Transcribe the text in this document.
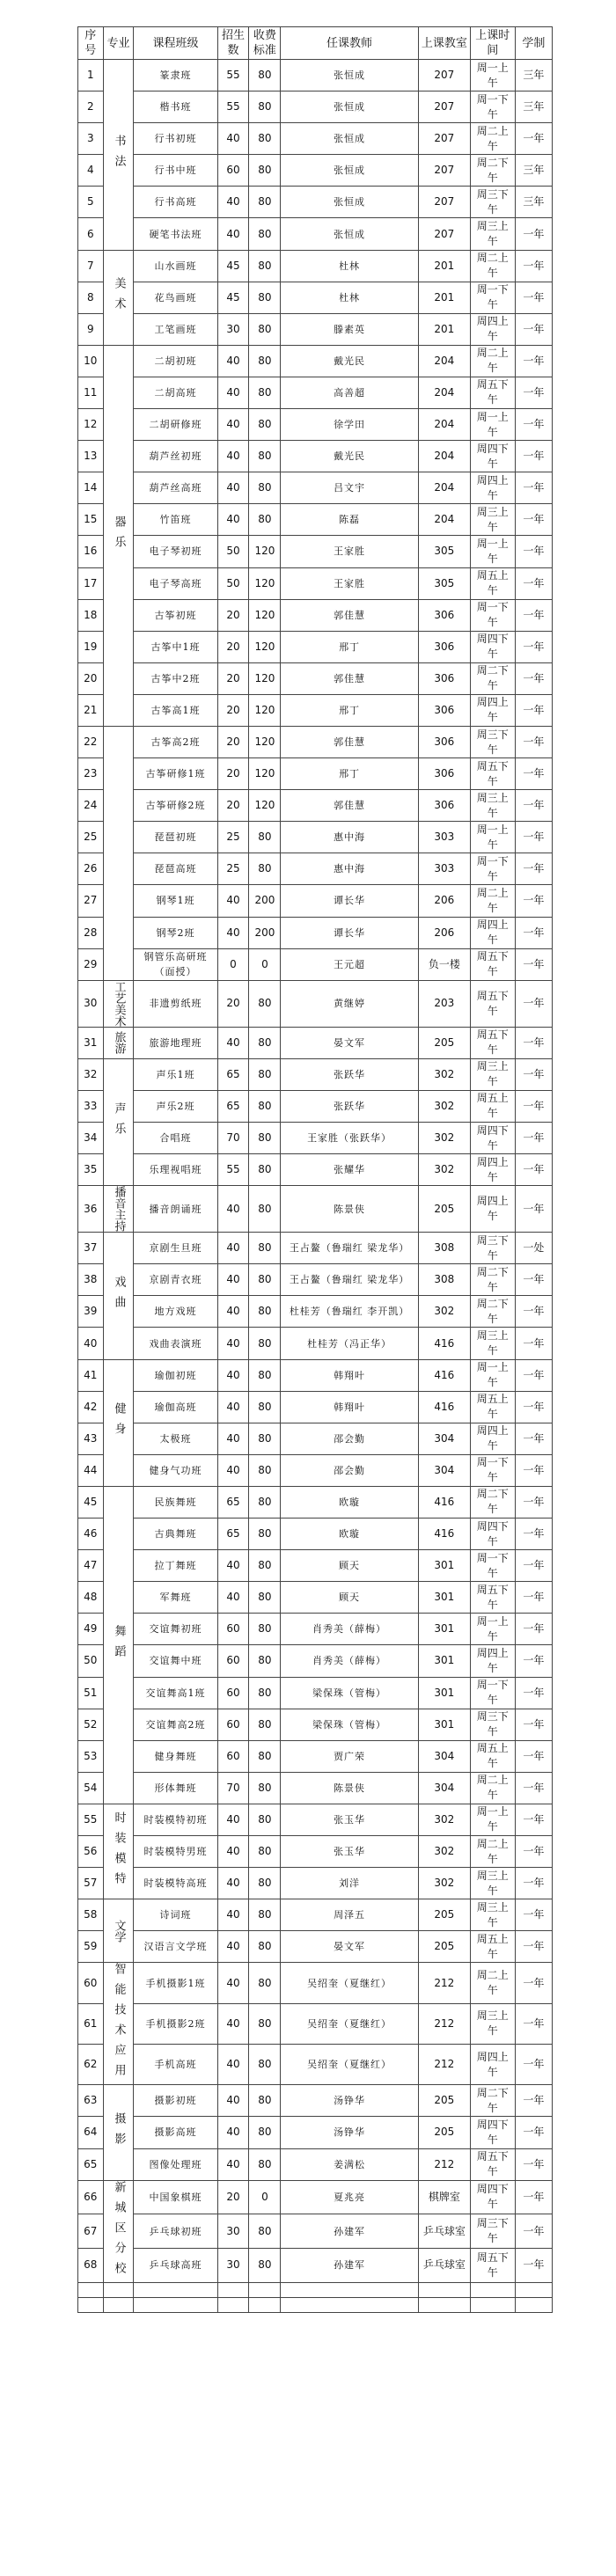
序号	专业	课程班级	招生数	收费标准	任课教师	上课教室	上课时间	学制
1	书法	篆隶班	55	80	张恒成	207	周一上午	三年
2		楷书班	55	80	张恒成	207	周一下午	三年
3		行书初班	40	80	张恒成	207	周二上午	一年
4		行书中班	60	80	张恒成	207	周二下午	三年
5		行书高班	40	80	张恒成	207	周三下午	三年
6		硬笔书法班	40	80	张恒成	207	周三上午	一年
7	美术	山水画班	45	80	杜林	201	周二上午	一年
8		花鸟画班	45	80	杜林	201	周一下午	一年
9		工笔画班	30	80	滕素英	201	周四上午	一年
10	器乐	二胡初班	40	80	戴光民	204	周二上午	一年
11		二胡高班	40	80	高善超	204	周五下午	一年
12		二胡研修班	40	80	徐学田	204	周一上午	一年
13		葫芦丝初班	40	80	戴光民	204	周四下午	一年
14		葫芦丝高班	40	80	吕文宇	204	周四上午	一年
15		竹笛班	40	80	陈磊	204	周三上午	一年
16		电子琴初班	50	120	王家胜	305	周一上午	一年
17		电子琴高班	50	120	王家胜	305	周五上午	一年
18		古筝初班	20	120	郭佳慧	306	周一下午	一年
19		古筝中1班	20	120	邢丁	306	周四下午	一年
20		古筝中2班	20	120	郭佳慧	306	周二下午	一年
21		古筝高1班	20	120	邢丁	306	周四上午	一年
22		古筝高2班	20	120	郭佳慧	306	周三下午	一年
23		古筝研修1班	20	120	邢丁	306	周五下午	一年
24		古筝研修2班	20	120	郭佳慧	306	周三上午	一年
25		琵琶初班	25	80	惠中海	303	周一上午	一年
26		琵琶高班	25	80	惠中海	303	周一下午	一年
27		钢琴1班	40	200	谭长华	206	周二上午	一年
28		钢琴2班	40	200	谭长华	206	周四上午	一年
29		钢管乐高研班（面授）	0	0	王元超	负一楼	周五下午	一年
30	工艺美术	非遗剪纸班	20	80	黄继婷	203	周五下午	一年
31	旅游	旅游地理班	40	80	晏文军	205	周五下午	一年
32	声乐	声乐1班	65	80	张跃华	302	周三上午	一年
33		声乐2班	65	80	张跃华	302	周五上午	一年
34		合唱班	70	80	王家胜（张跃华）	302	周四下午	一年
35		乐理视唱班	55	80	张耀华	302	周四上午	一年
36	播音主持	播音朗诵班	40	80	陈景侠	205	周四上午	一年
37	戏曲	京剧生旦班	40	80	王占鳌（鲁瑞红 梁龙华）	308	周三下午	一处
38		京剧青衣班	40	80	王占鳌（鲁瑞红 梁龙华）	308	周二下午	一年
39		地方戏班	40	80	杜桂芳（鲁瑞红 李开凯）	302	周二下午	一年
40		戏曲表演班	40	80	杜桂芳（冯正华）	416	周三上午	一年
41	健身	瑜伽初班	40	80	韩翔叶	416	周一上午	一年
42		瑜伽高班	40	80	韩翔叶	416	周五上午	一年
43		太极班	40	80	邵会勤	304	周四上午	一年
44		健身气功班	40	80	邵会勤	304	周一下午	一年
45	舞蹈	民族舞班	65	80	欧璇	416	周二下午	一年
46		古典舞班	65	80	欧璇	416	周四下午	一年
47		拉丁舞班	40	80	顾天	301	周一下午	一年
48		军舞班	40	80	顾天	301	周五下午	一年
49		交谊舞初班	60	80	肖秀美（薛梅）	301	周一上午	一年
50		交谊舞中班	60	80	肖秀美（薛梅）	301	周四上午	一年
51		交谊舞高1班	60	80	梁保珠（管梅）	301	周一下午	一年
52		交谊舞高2班	60	80	梁保珠（管梅）	301	周三下午	一年
53		健身舞班	60	80	贾广荣	304	周五上午	一年
54		形体舞班	70	80	陈景侠	304	周二上午	一年
55	时装模特	时装模特初班	40	80	张玉华	302	周一上午	一年
56		时装模特男班	40	80	张玉华	302	周二上午	一年
57		时装模特高班	40	80	刘洋	302	周三上午	一年
58	文学	诗词班	40	80	周泽五	205	周三上午	一年
59		汉语言文学班	40	80	晏文军	205	周五上午	一年
60	智能技术应用	手机摄影1班	40	80	吴绍奎（夏继红）	212	周二上午	一年
61		手机摄影2班	40	80	吴绍奎（夏继红）	212	周三上午	一年
62		手机高班	40	80	吴绍奎（夏继红）	212	周四上午	一年
63	摄影	摄影初班	40	80	汤铮华	205	周二下午	一年
64		摄影高班	40	80	汤铮华	205	周四下午	一年
65		图像处理班	40	80	姜满松	212	周五下午	一年
66	新城区分校	中国象棋班	20	0	夏兆亮	棋牌室	周四下午	一年
67		乒乓球初班	30	80	孙建军	乒乓球室	周三下午	一年
68		乒乓球高班	30	80	孙建军	乒乓球室	周五下午	一年
